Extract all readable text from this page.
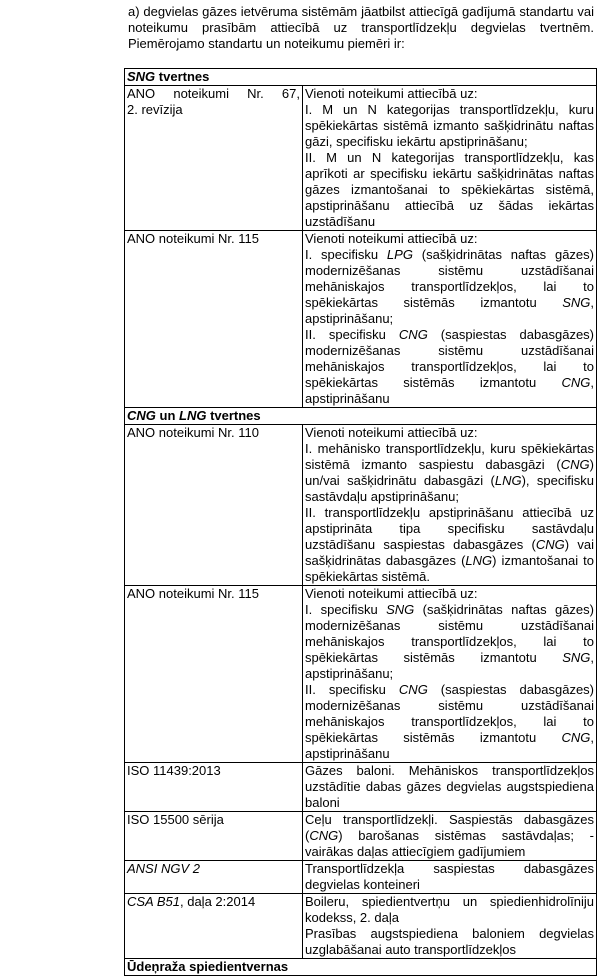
a) degvielas gāzes ietvēruma sistēmām jāatbilst attiecīgā gadījumā standartu vai noteikumu prasībām attiecībā uz transportlīdzekļu degvielas tvertnēm. Piemērojamo standartu un noteikumu piemēri ir:

SNG tvertnes	

ANO noteikumi Nr. 67,
2. revīzija	Vienoti noteikumi attiecībā uz:
I. M un N kategorijas transportlīdzekļu, kuru spēkiekārtas sistēmā izmanto sašķidrinātu naftas gāzi, specifisku iekārtu apstiprināšanu;
II. M un N kategorijas transportlīdzekļu, kas aprīkoti ar specifisku iekārtu sašķidrinātas naftas gāzes izmantošanai to spēkiekārtas sistēmā, apstiprināšanu attiecībā uz šādas iekārtas uzstādīšanu

ANO noteikumi Nr. 115	Vienoti noteikumi attiecībā uz:
I. specifisku LPG (sašķidrinātas naftas gāzes) modernizēšanas sistēmu uzstādīšanai mehāniskajos transportlīdzekļos, lai to spēkiekārtas sistēmās izmantotu SNG, apstiprināšanu;
II. specifisku CNG (saspiestas dabasgāzes) modernizēšanas sistēmu uzstādīšanai mehāniskajos transportlīdzekļos, lai to spēkiekārtas sistēmās izmantotu CNG, apstiprināšanu

CNG un LNG tvertnes	
ANO noteikumi Nr. 110	Vienoti noteikumi attiecībā uz:
I. mehānisko transportlīdzekļu, kuru spēkiekārtas sistēmā izmanto saspiestu dabasgāzi (CNG) un/vai sašķidrinātu dabasgāzi (LNG), specifisku sastāvdaļu apstiprināšanu;
II. transportlīdzekļu apstiprināšanu attiecībā uz apstiprināta tipa specifisku sastāvdaļu uzstādīšanu saspiestas dabasgāzes (CNG) vai sašķidrinātas dabasgāzes (LNG) izmantošanai to spēkiekārtas sistēmā.

ANO noteikumi Nr. 115	Vienoti noteikumi attiecībā uz:
I. specifisku SNG (sašķidrinātas naftas gāzes) modernizēšanas sistēmu uzstādīšanai mehāniskajos transportlīdzekļos, lai to spēkiekārtas sistēmās izmantotu SNG, apstiprināšanu;
II. specifisku CNG (saspiestas dabasgāzes) modernizēšanas sistēmu uzstādīšanai mehāniskajos transportlīdzekļos, lai to spēkiekārtas sistēmās izmantotu CNG, apstiprināšanu

ISO 11439:2013	Gāzes baloni. Mehāniskos transportlīdzekļos uzstādītie dabas gāzes degvielas augstspiediena baloni
ISO 15500 sērija	Ceļu transportlīdzekļi. Saspiestās dabasgāzes (CNG) barošanas sistēmas sastāvdaļas; - vairākas daļas attiecīgiem gadījumiem
ANSI NGV 2	Transportlīdzekļa saspiestas dabasgāzes degvielas konteineri
CSA B51, daļa 2:2014	Boileru, spiedientvertņu un spiedienhidrolīniju kodekss, 2. daļa
Prasības augstspiediena baloniem degvielas uzglabāšanai auto transportlīdzekļos

Ūdeņraža spiedientvernas	
